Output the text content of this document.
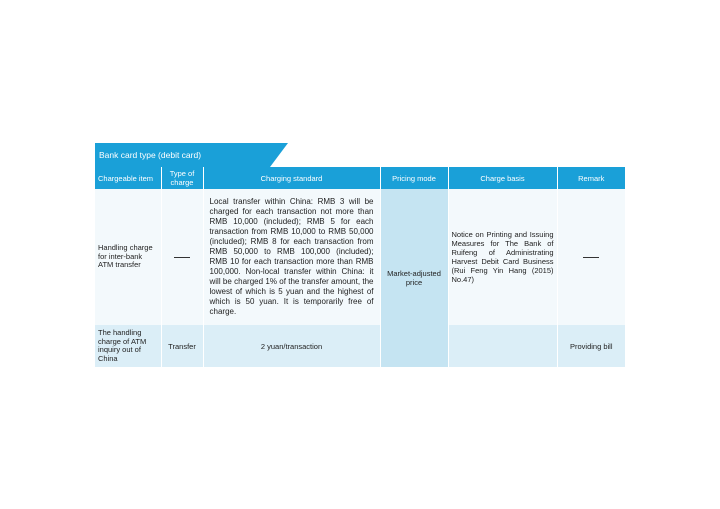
Bank card type (debit card)
Chargeable item	Type of charge	Charging standard	Pricing mode	Charge basis	Remark
Handling charge for inter-bank ATM transfer		Local transfer within China: RMB 3 will be charged for each transaction not more than RMB 10,000 (included); RMB 5 for each transaction from RMB 10,000 to RMB 50,000 (included); RMB 8 for each transaction from RMB 50,000 to RMB 100,000 (included); RMB 10 for each transaction more than RMB 100,000. Non-local transfer within China: it will be charged 1% of the transfer amount, the lowest of which is 5 yuan and the highest of which is 50 yuan. It is temporarily free of charge.	Market-adjusted price	Notice on Printing and Issuing Measures for The Bank of Ruifeng of Administrating Harvest Debit Card Business (Rui Feng Yin Hang (2015) No.47)	
The handling charge of ATM inquiry out of China	Transfer	2 yuan/transaction			Providing bill
